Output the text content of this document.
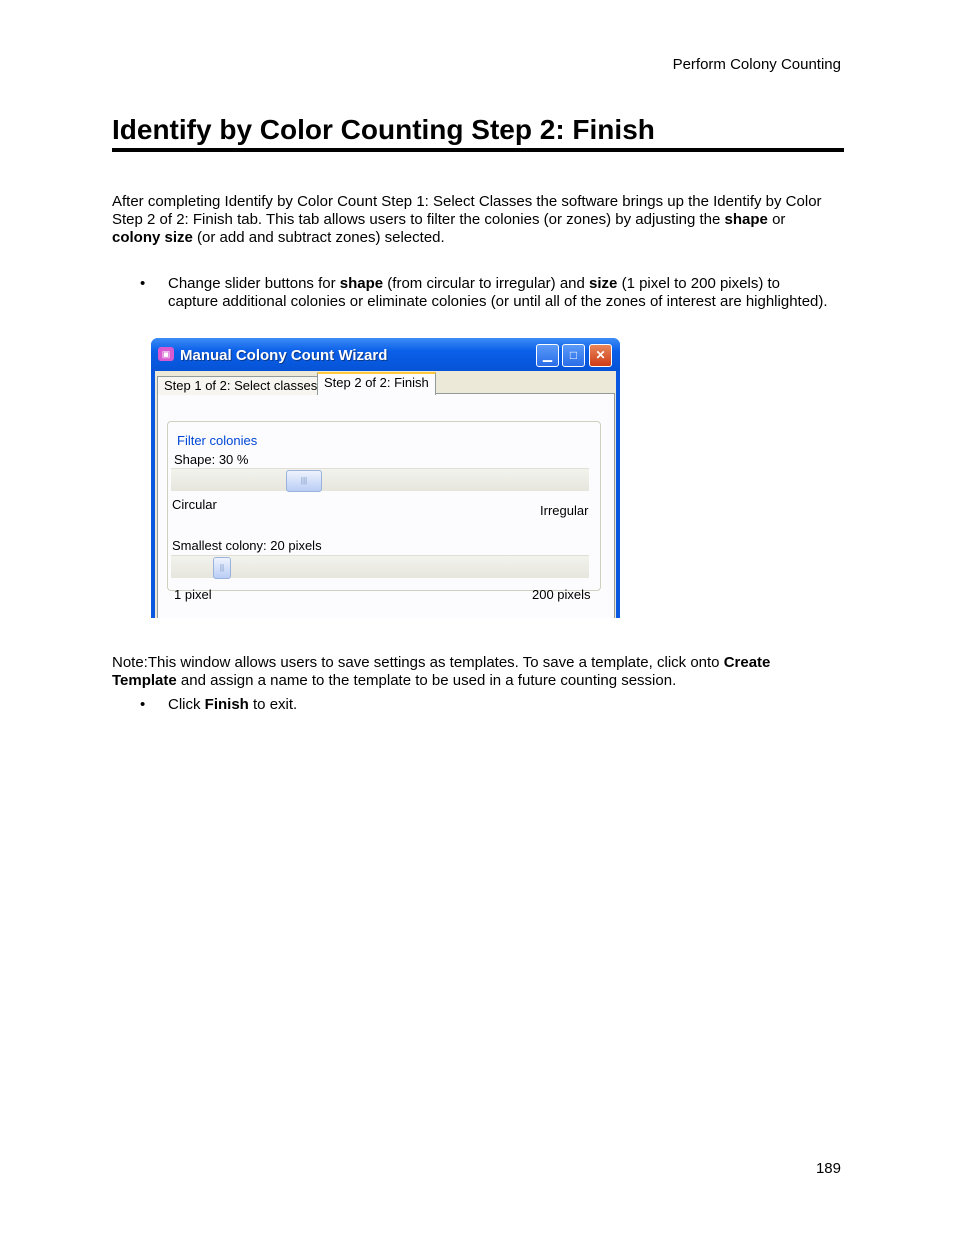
Perform Colony Counting
Identify by Color Counting Step 2: Finish

After completing Identify by Color Count Step 1: Select Classes the software brings up the Identify by Color Step 2 of 2: Finish tab. This tab allows users to filter the colonies (or zones) by adjusting the shape or colony size (or add and subtract zones) selected.

• Change slider buttons for shape (from circular to irregular) and size (1 pixel to 200 pixels) to capture additional colonies or eliminate colonies (or until all of the zones of interest are highlighted).

▣ Manual Colony Count Wizard	▁	□	✕
Step 1 of 2: Select classes Step 2 of 2: Finish
Filter colonies
Shape: 30 %
|||
Circular	Irregular
Smallest colony: 20 pixels
||
1 pixel	200 pixels

Note:This window allows users to save settings as templates. To save a template, click onto Create Template and assign a name to the template to be used in a future counting session.

• Click Finish to exit.

189
